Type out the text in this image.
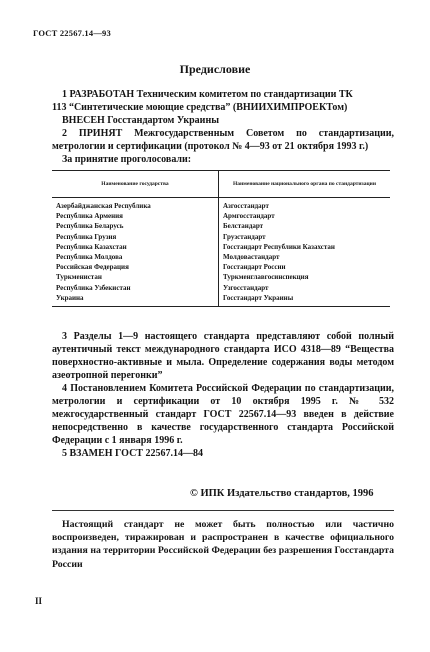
ГОСТ 22567.14—93
Предисловие

1 РАЗРАБОТАН Техническим комитетом по стандартизации ТК

113 “Синтетические моющие средства” (ВНИИХИМПРОЕКТом)

ВНЕСЕН Госстандартом Украины

2 ПРИНЯТ Межгосударственным Советом по стандартизации, метрологии и сертификации (протокол № 4—93 от 21 октября 1993 г.)

За принятие проголосовали:

Наименование государства	Наименование национального органа по стандартизации
Азербайджанская Республика	Азгосстандарт
Республика Армения	Армгосстандарт
Республика Беларусь	Белстандарт
Республика Грузия	Грузстандарт
Республика Казахстан	Госстандарт Республики Казахстан
Республика Молдова	Молдовастандарт
Российская Федерация	Госстандарт России
Туркменистан	Туркменглавгосинспекция
Республика Узбекистан	Узгосстандарт
Украина	Госстандарт Украины

3 Разделы 1—9 настоящего стандарта представляют собой полный аутентичный текст международного стандарта ИСО 4318—89 “Вещества поверхностно-активные и мыла. Определение содержания воды методом азеотропной перегонки”

4 Постановлением Комитета Российской Федерации по стандартизации, метрологии и сертификации от 10 октября 1995 г. № 532 межгосударственный стандарт ГОСТ 22567.14—93 введен в действие непосредственно в качестве государственного стандарта Российской Федерации с 1 января 1996 г.

5 ВЗАМЕН ГОСТ 22567.14—84

© ИПК Издательство стандартов, 1996

Настоящий стандарт не может быть полностью или частично воспроизведен, тиражирован и распространен в качестве официального издания на территории Российской Федерации без разрешения Госстандарта России

II
